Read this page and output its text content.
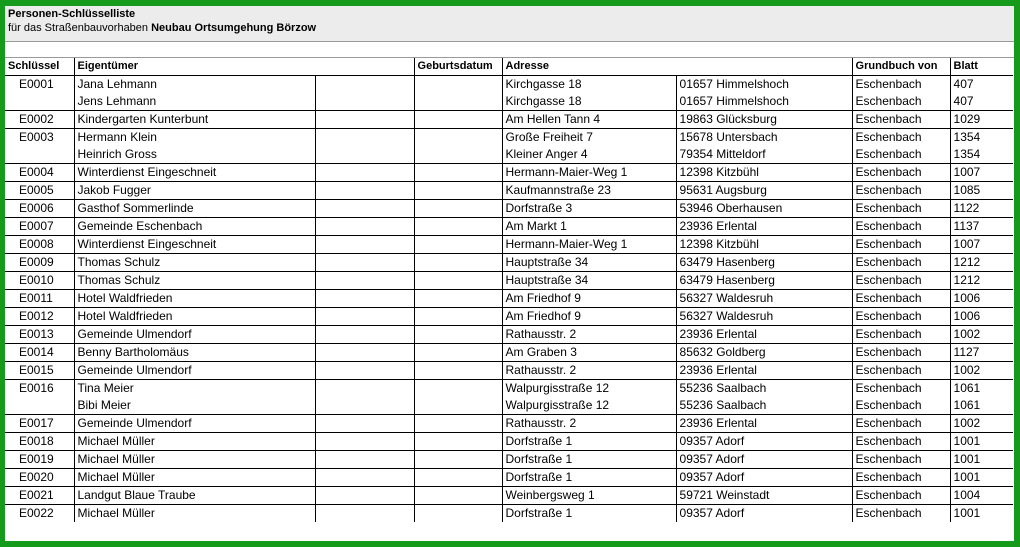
Personen-Schlüsselliste
für das Straßenbauvorhaben Neubau Ortsumgehung Börzow
Schlüssel	Eigentümer		Geburtsdatum	Adresse		Grundbuch von	Blatt
E0001	Jana Lehmann			Kirchgasse 18	01657 Himmelshoch	Eschenbach	407
	Jens Lehmann			Kirchgasse 18	01657 Himmelshoch	Eschenbach	407
E0002	Kindergarten Kunterbunt			Am Hellen Tann 4	19863 Glücksburg	Eschenbach	1029
E0003	Hermann Klein			Große Freiheit 7	15678 Untersbach	Eschenbach	1354
	Heinrich Gross			Kleiner Anger 4	79354 Mitteldorf	Eschenbach	1354
E0004	Winterdienst Eingeschneit			Hermann-Maier-Weg 1	12398 Kitzbühl	Eschenbach	1007
E0005	Jakob Fugger			Kaufmannstraße 23	95631 Augsburg	Eschenbach	1085
E0006	Gasthof Sommerlinde			Dorfstraße 3	53946 Oberhausen	Eschenbach	1122
E0007	Gemeinde Eschenbach			Am Markt 1	23936 Erlental	Eschenbach	1137
E0008	Winterdienst Eingeschneit			Hermann-Maier-Weg 1	12398 Kitzbühl	Eschenbach	1007
E0009	Thomas Schulz			Hauptstraße 34	63479 Hasenberg	Eschenbach	1212
E0010	Thomas Schulz			Hauptstraße 34	63479 Hasenberg	Eschenbach	1212
E0011	Hotel Waldfrieden			Am Friedhof 9	56327 Waldesruh	Eschenbach	1006
E0012	Hotel Waldfrieden			Am Friedhof 9	56327 Waldesruh	Eschenbach	1006
E0013	Gemeinde Ulmendorf			Rathausstr. 2	23936 Erlental	Eschenbach	1002
E0014	Benny Bartholomäus			Am Graben 3	85632 Goldberg	Eschenbach	1127
E0015	Gemeinde Ulmendorf			Rathausstr. 2	23936 Erlental	Eschenbach	1002
E0016	Tina Meier			Walpurgisstraße 12	55236 Saalbach	Eschenbach	1061
	Bibi Meier			Walpurgisstraße 12	55236 Saalbach	Eschenbach	1061
E0017	Gemeinde Ulmendorf			Rathausstr. 2	23936 Erlental	Eschenbach	1002
E0018	Michael Müller			Dorfstraße 1	09357 Adorf	Eschenbach	1001
E0019	Michael Müller			Dorfstraße 1	09357 Adorf	Eschenbach	1001
E0020	Michael Müller			Dorfstraße 1	09357 Adorf	Eschenbach	1001
E0021	Landgut Blaue Traube			Weinbergsweg 1	59721 Weinstadt	Eschenbach	1004
E0022	Michael Müller			Dorfstraße 1	09357 Adorf	Eschenbach	1001
